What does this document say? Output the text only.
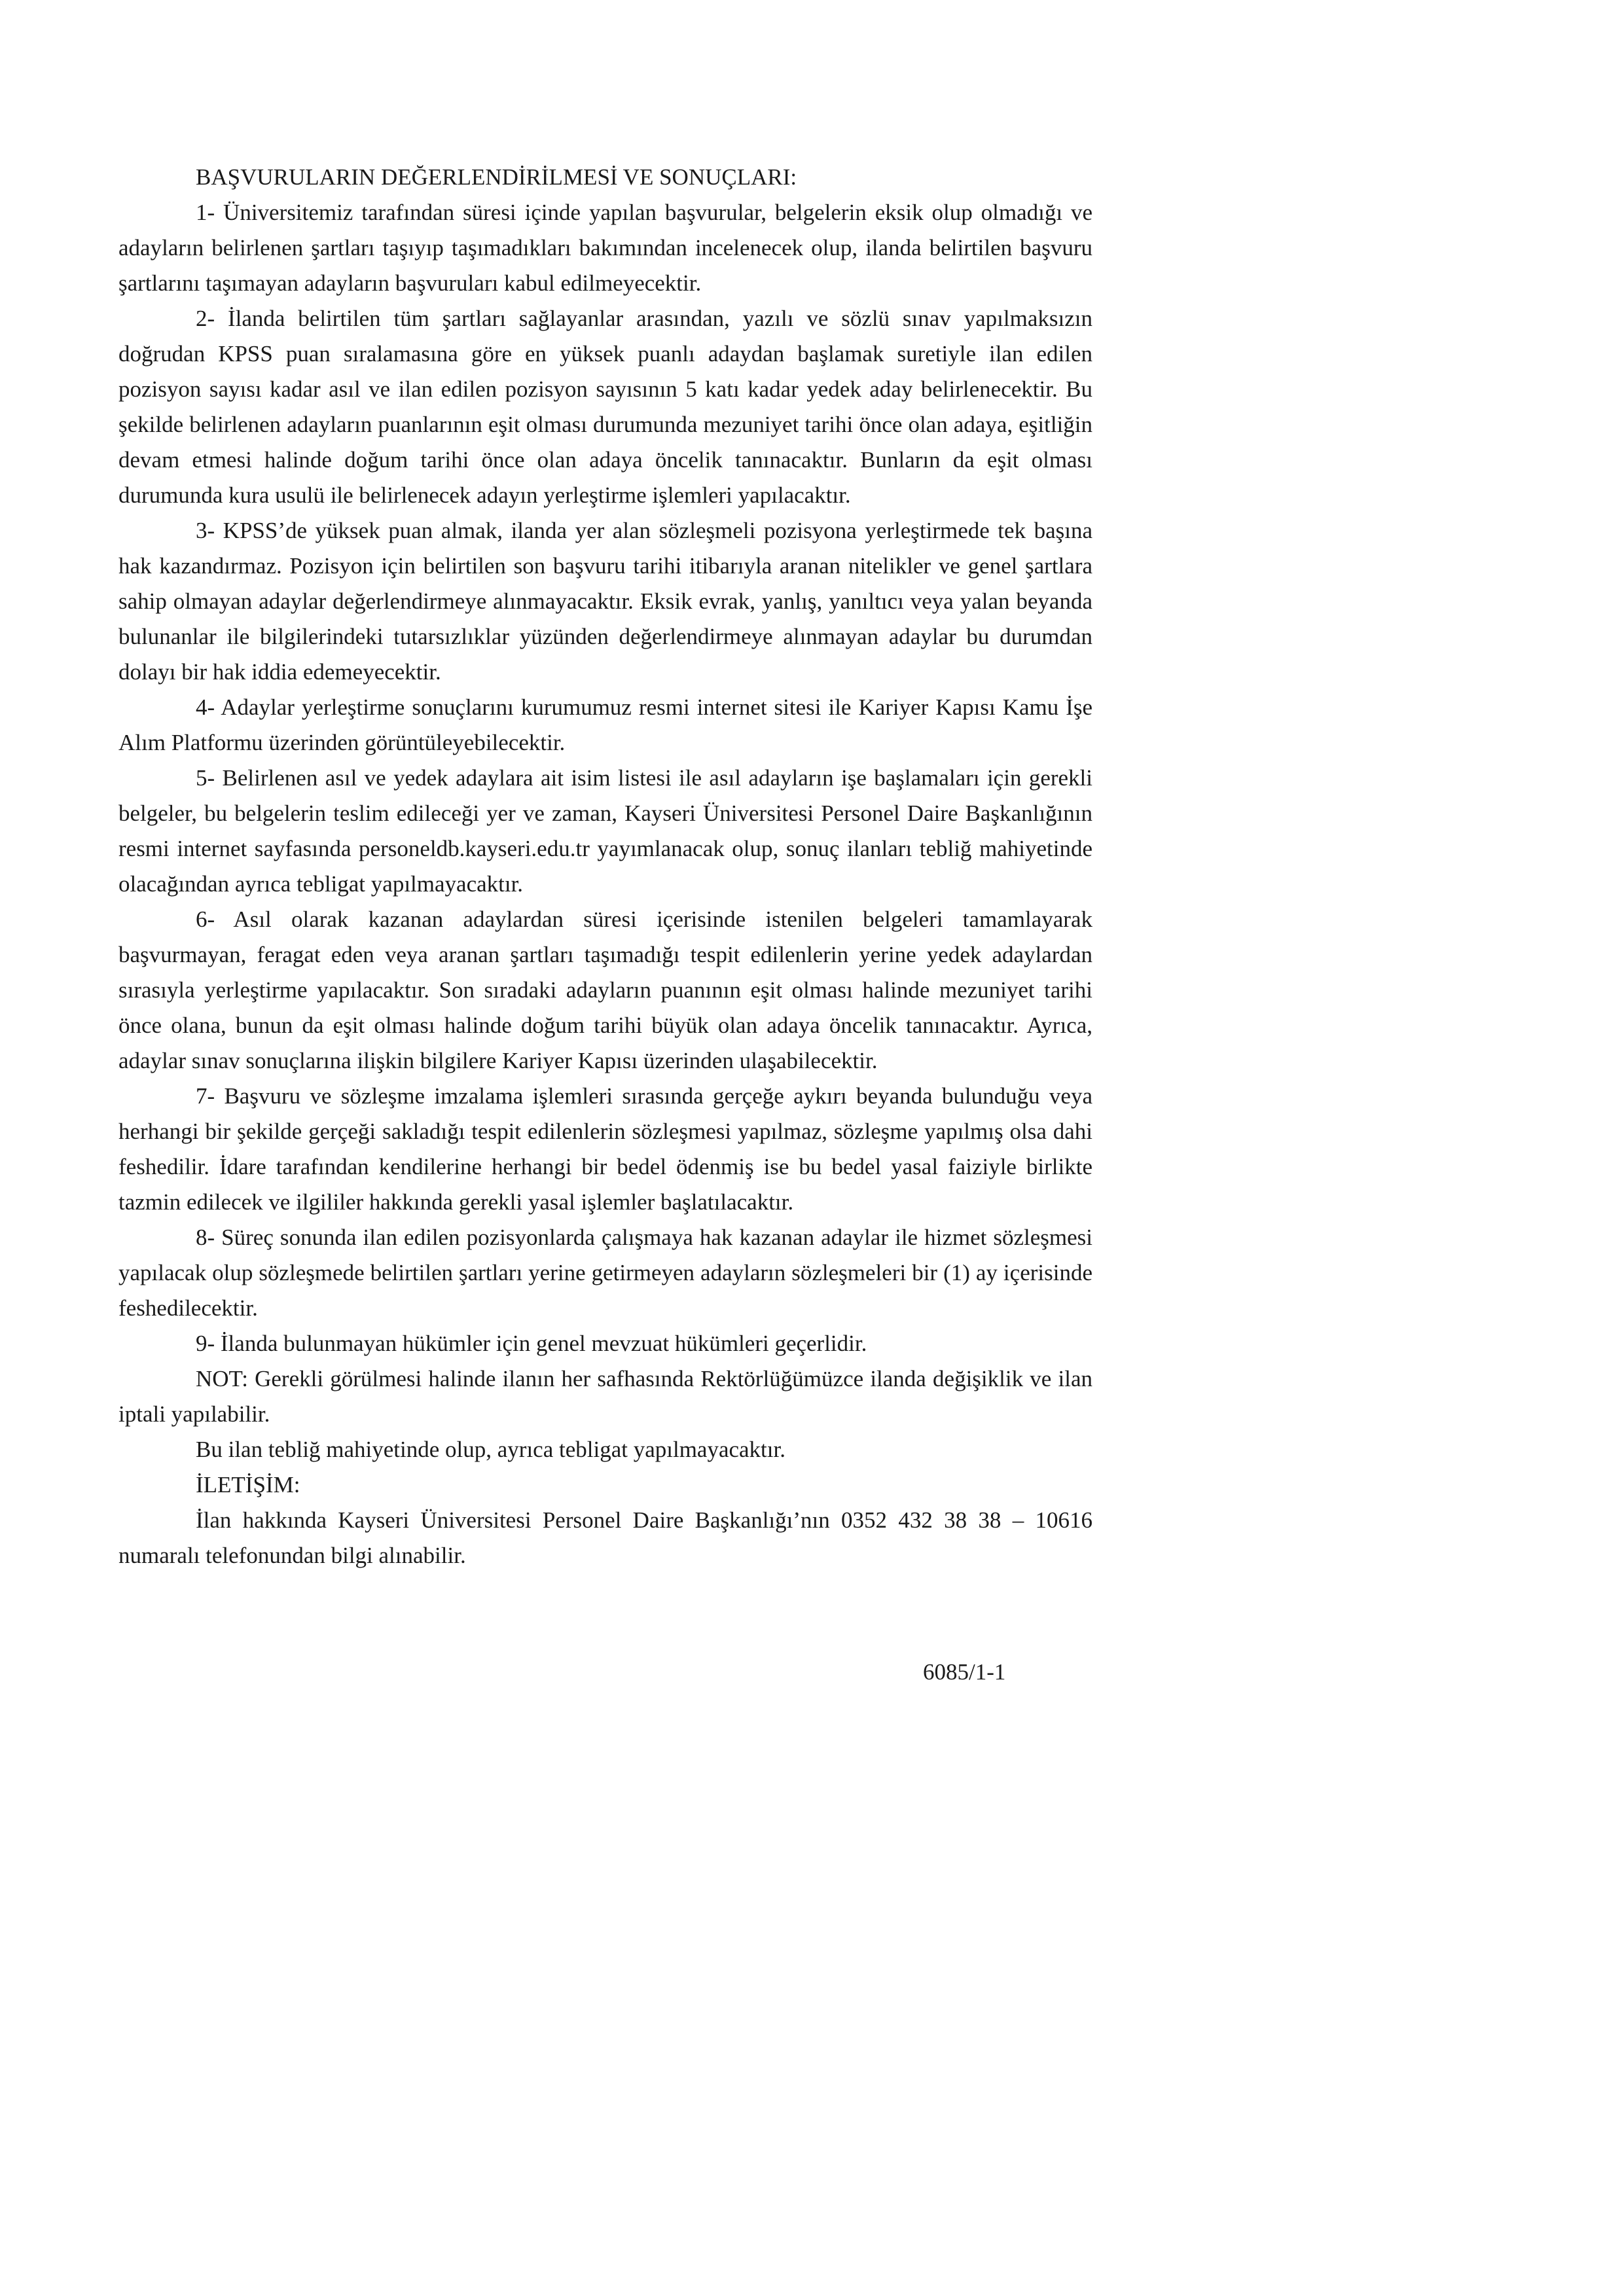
BAŞVURULARIN DEĞERLENDİRİLMESİ VE SONUÇLARI:

1- Üniversitemiz tarafından süresi içinde yapılan başvurular, belgelerin eksik olup olmadığı ve adayların belirlenen şartları taşıyıp taşımadıkları bakımından incelenecek olup, ilanda belirtilen başvuru şartlarını taşımayan adayların başvuruları kabul edilmeyecektir.

2- İlanda belirtilen tüm şartları sağlayanlar arasından, yazılı ve sözlü sınav yapılmaksızın doğrudan KPSS puan sıralamasına göre en yüksek puanlı adaydan başlamak suretiyle ilan edilen pozisyon sayısı kadar asıl ve ilan edilen pozisyon sayısının 5 katı kadar yedek aday belirlenecektir. Bu şekilde belirlenen adayların puanlarının eşit olması durumunda mezuniyet tarihi önce olan adaya, eşitliğin devam etmesi halinde doğum tarihi önce olan adaya öncelik tanınacaktır. Bunların da eşit olması durumunda kura usulü ile belirlenecek adayın yerleştirme işlemleri yapılacaktır.

3- KPSS’de yüksek puan almak, ilanda yer alan sözleşmeli pozisyona yerleştirmede tek başına hak kazandırmaz. Pozisyon için belirtilen son başvuru tarihi itibarıyla aranan nitelikler ve genel şartlara sahip olmayan adaylar değerlendirmeye alınmayacaktır. Eksik evrak, yanlış, yanıltıcı veya yalan beyanda bulunanlar ile bilgilerindeki tutarsızlıklar yüzünden değerlendirmeye alınmayan adaylar bu durumdan dolayı bir hak iddia edemeyecektir.

4- Adaylar yerleştirme sonuçlarını kurumumuz resmi internet sitesi ile Kariyer Kapısı Kamu İşe Alım Platformu üzerinden görüntüleyebilecektir.

5- Belirlenen asıl ve yedek adaylara ait isim listesi ile asıl adayların işe başlamaları için gerekli belgeler, bu belgelerin teslim edileceği yer ve zaman, Kayseri Üniversitesi Personel Daire Başkanlığının resmi internet sayfasında personeldb.kayseri.edu.tr yayımlanacak olup, sonuç ilanları tebliğ mahiyetinde olacağından ayrıca tebligat yapılmayacaktır.

6- Asıl olarak kazanan adaylardan süresi içerisinde istenilen belgeleri tamamlayarak başvurmayan, feragat eden veya aranan şartları taşımadığı tespit edilenlerin yerine yedek adaylardan sırasıyla yerleştirme yapılacaktır. Son sıradaki adayların puanının eşit olması halinde mezuniyet tarihi önce olana, bunun da eşit olması halinde doğum tarihi büyük olan adaya öncelik tanınacaktır. Ayrıca, adaylar sınav sonuçlarına ilişkin bilgilere Kariyer Kapısı üzerinden ulaşabilecektir.

7- Başvuru ve sözleşme imzalama işlemleri sırasında gerçeğe aykırı beyanda bulunduğu veya herhangi bir şekilde gerçeği sakladığı tespit edilenlerin sözleşmesi yapılmaz, sözleşme yapılmış olsa dahi feshedilir. İdare tarafından kendilerine herhangi bir bedel ödenmiş ise bu bedel yasal faiziyle birlikte tazmin edilecek ve ilgililer hakkında gerekli yasal işlemler başlatılacaktır.

8- Süreç sonunda ilan edilen pozisyonlarda çalışmaya hak kazanan adaylar ile hizmet sözleşmesi yapılacak olup sözleşmede belirtilen şartları yerine getirmeyen adayların sözleşmeleri bir (1) ay içerisinde feshedilecektir.

9- İlanda bulunmayan hükümler için genel mevzuat hükümleri geçerlidir.

NOT: Gerekli görülmesi halinde ilanın her safhasında Rektörlüğümüzce ilanda değişiklik ve ilan iptali yapılabilir.

Bu ilan tebliğ mahiyetinde olup, ayrıca tebligat yapılmayacaktır.

İLETİŞİM:

İlan hakkında Kayseri Üniversitesi Personel Daire Başkanlığı’nın 0352 432 38 38 – 10616 numaralı telefonundan bilgi alınabilir.

6085/1-1
